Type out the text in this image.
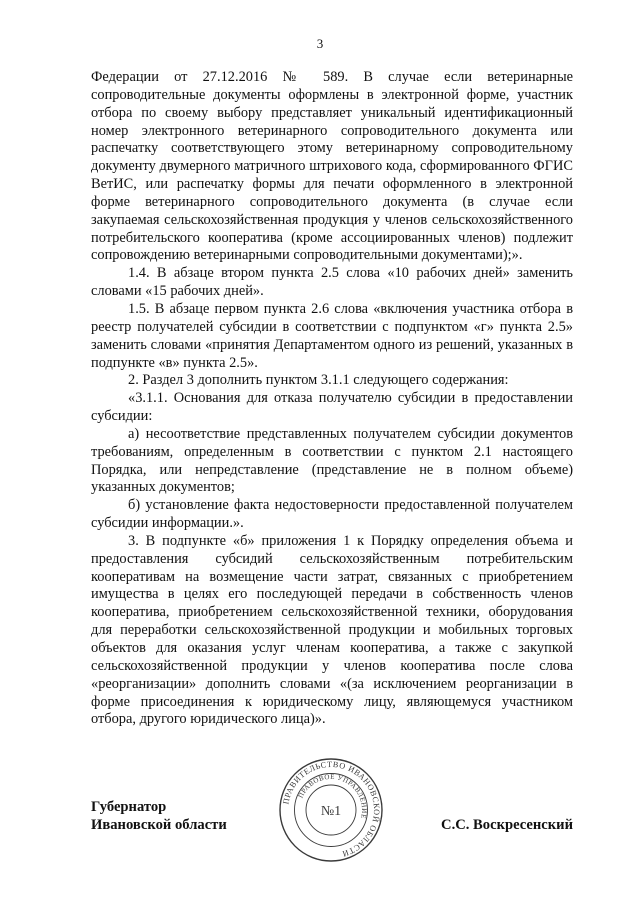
3

Федерации от 27.12.2016 № 589. В случае если ветеринарные сопроводительные документы оформлены в электронной форме, участник отбора по своему выбору представляет уникальный идентификационный номер электронного ветеринарного сопроводительного документа или распечатку соответствующего этому ветеринарному сопроводительному документу двумерного матричного штрихового кода, сформированного ФГИС ВетИС, или распечатку формы для печати оформленного в электронной форме ветеринарного сопроводительного документа (в случае если закупаемая сельскохозяйственная продукция у членов сельскохозяйственного потребительского кооператива (кроме ассоциированных членов) подлежит сопровождению ветеринарными сопроводительными документами);».

1.4. В абзаце втором пункта 2.5 слова «10 рабочих дней» заменить словами «15 рабочих дней».

1.5. В абзаце первом пункта 2.6 слова «включения участника отбора в реестр получателей субсидии в соответствии с подпунктом «г» пункта 2.5» заменить словами «принятия Департаментом одного из решений, указанных в подпункте «в» пункта 2.5».

2. Раздел 3 дополнить пунктом 3.1.1 следующего содержания:

«3.1.1. Основания для отказа получателю субсидии в предоставлении субсидии:

а) несоответствие представленных получателем субсидии документов требованиям, определенным в соответствии с пунктом 2.1 настоящего Порядка, или непредставление (представление не в полном объеме) указанных документов;

б) установление факта недостоверности предоставленной получателем субсидии информации.».

3. В подпункте «б» приложения 1 к Порядку определения объема и предоставления субсидий сельскохозяйственным потребительским кооперативам на возмещение части затрат, связанных с приобретением имущества в целях его последующей передачи в собственность членов кооператива, приобретением сельскохозяйственной техники, оборудования для переработки сельскохозяйственной продукции и мобильных торговых объектов для оказания услуг членам кооператива, а также с закупкой сельскохозяйственной продукции у членов кооператива после слова «реорганизации» дополнить словами «(за исключением реорганизации в форме присоединения к юридическому лицу, являющемуся участником отбора, другого юридического лица)».

Губернатор
Ивановской области	С.С. Воскресенский
ПРАВИТЕЛЬСТВО ИВАНОВСКОЙ ОБЛАСТИ
ПРАВОВОЕ УПРАВЛЕНИЕ
№1
